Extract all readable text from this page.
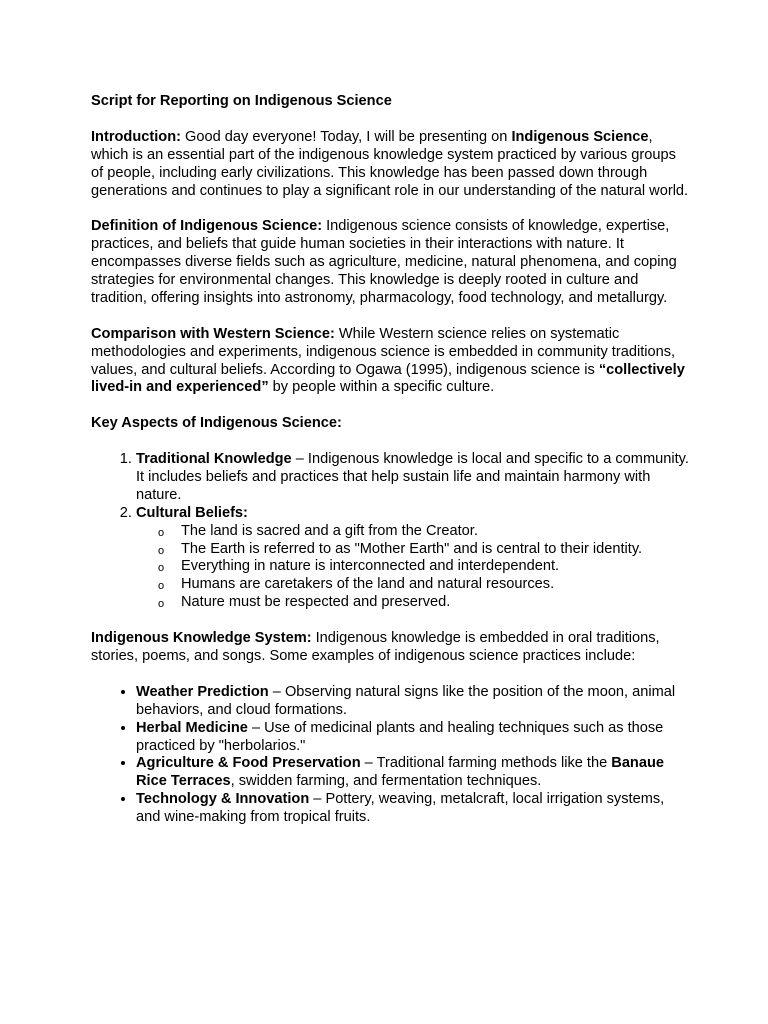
Script for Reporting on Indigenous Science

Introduction: Good day everyone! Today, I will be presenting on Indigenous Science, which is an essential part of the indigenous knowledge system practiced by various groups of people, including early civilizations. This knowledge has been passed down through generations and continues to play a significant role in our understanding of the natural world.

Definition of Indigenous Science: Indigenous science consists of knowledge, expertise, practices, and beliefs that guide human societies in their interactions with nature. It encompasses diverse fields such as agriculture, medicine, natural phenomena, and coping strategies for environmental changes. This knowledge is deeply rooted in culture and tradition, offering insights into astronomy, pharmacology, food technology, and metallurgy.

Comparison with Western Science: While Western science relies on systematic methodologies and experiments, indigenous science is embedded in community traditions, values, and cultural beliefs. According to Ogawa (1995), indigenous science is “collectively lived-in and experienced” by people within a specific culture.

Key Aspects of Indigenous Science:

1. Traditional Knowledge – Indigenous knowledge is local and specific to a community. It includes beliefs and practices that help sustain life and maintain harmony with nature.
2. Cultural Beliefs:
o The land is sacred and a gift from the Creator.
o The Earth is referred to as "Mother Earth" and is central to their identity.
o Everything in nature is interconnected and interdependent.
o Humans are caretakers of the land and natural resources.
o Nature must be respected and preserved.

Indigenous Knowledge System: Indigenous knowledge is embedded in oral traditions, stories, poems, and songs. Some examples of indigenous science practices include:

• Weather Prediction – Observing natural signs like the position of the moon, animal behaviors, and cloud formations.
• Herbal Medicine – Use of medicinal plants and healing techniques such as those practiced by "herbolarios."
• Agriculture & Food Preservation – Traditional farming methods like the Banaue Rice Terraces, swidden farming, and fermentation techniques.
• Technology & Innovation – Pottery, weaving, metalcraft, local irrigation systems, and wine-making from tropical fruits.
